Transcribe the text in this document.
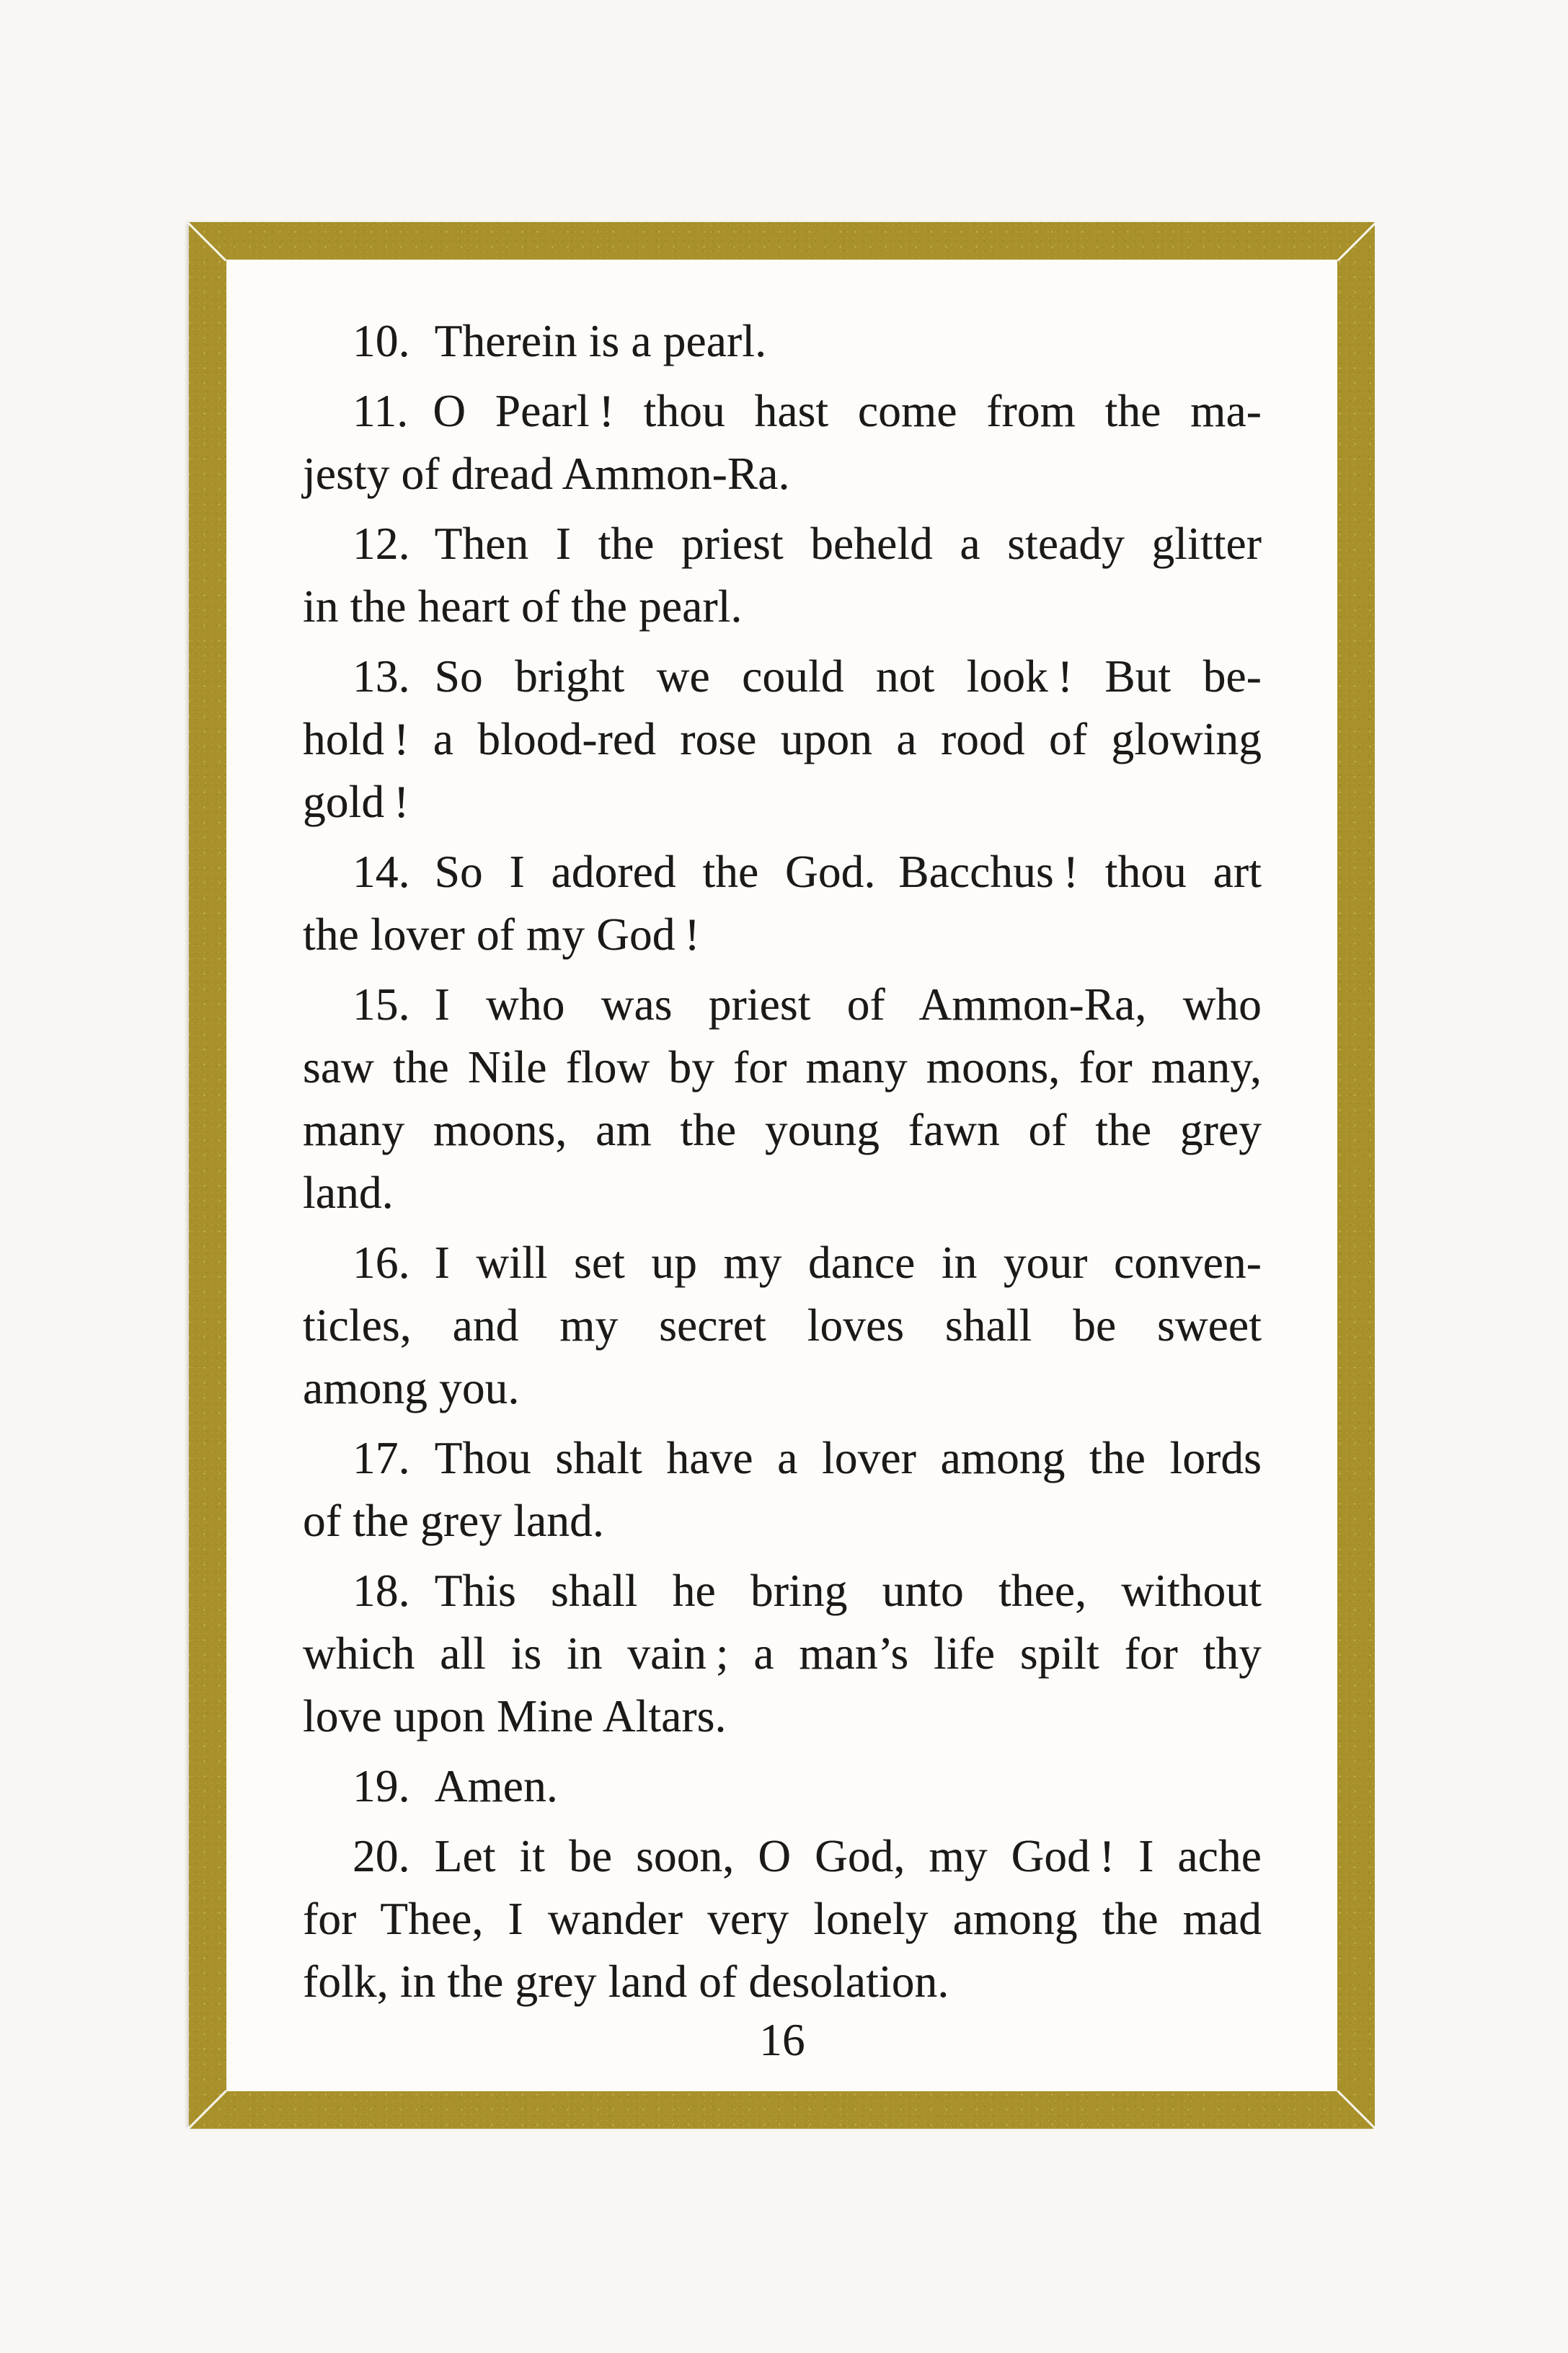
10. Therein is a pearl.

11. O Pearl ! thou hast come from the ma-
jesty of dread Ammon-Ra.

12. Then I the priest beheld a steady glitter
in the heart of the pearl.

13. So bright we could not look ! But be-
hold ! a blood-red rose upon a rood of glowing
gold !

14. So I adored the God. Bacchus ! thou art
the lover of my God !

15. I who was priest of Ammon-Ra, who
saw the Nile flow by for many moons, for many,
many moons, am the young fawn of the grey
land.

16. I will set up my dance in your conven-
ticles, and my secret loves shall be sweet
among you.

17. Thou shalt have a lover among the lords
of the grey land.

18. This shall he bring unto thee, without
which all is in vain ; a man’s life spilt for thy
love upon Mine Altars.

19. Amen.

20. Let it be soon, O God, my God ! I ache
for Thee, I wander very lonely among the mad
folk, in the grey land of desolation.

16
